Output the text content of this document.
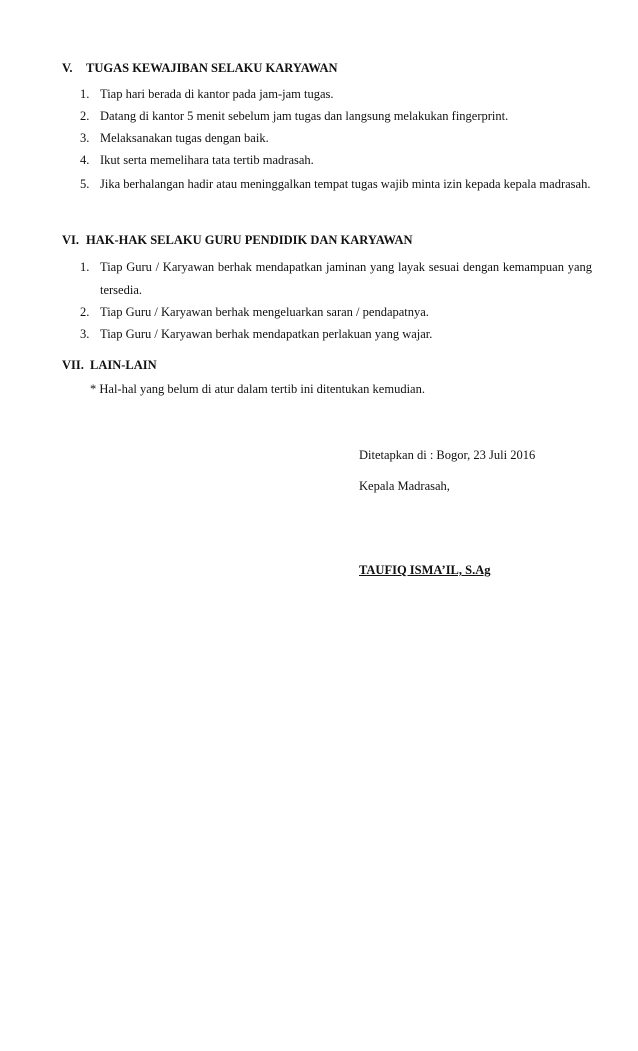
V. TUGAS KEWAJIBAN SELAKU KARYAWAN

1. Tiap hari berada di kantor pada jam-jam tugas.
2. Datang di kantor 5 menit sebelum jam tugas dan langsung melakukan fingerprint.
3. Melaksanakan tugas dengan baik.
4. Ikut serta memelihara tata tertib madrasah.
5. Jika berhalangan hadir atau meninggalkan tempat tugas wajib minta izin kepada kepala madrasah.

VI. HAK-HAK SELAKU GURU PENDIDIK DAN KARYAWAN

1. Tiap Guru / Karyawan berhak mendapatkan jaminan yang layak sesuai dengan kemampuan yang tersedia.
2. Tiap Guru / Karyawan berhak mengeluarkan saran / pendapatnya.
3. Tiap Guru / Karyawan berhak mendapatkan perlakuan yang wajar.

VII. LAIN-LAIN

* Hal-hal yang belum di atur dalam tertib ini ditentukan kemudian.

Ditetapkan di : Bogor, 23 Juli 2016
Kepala Madrasah,
TAUFIQ ISMA’IL, S.Ag
